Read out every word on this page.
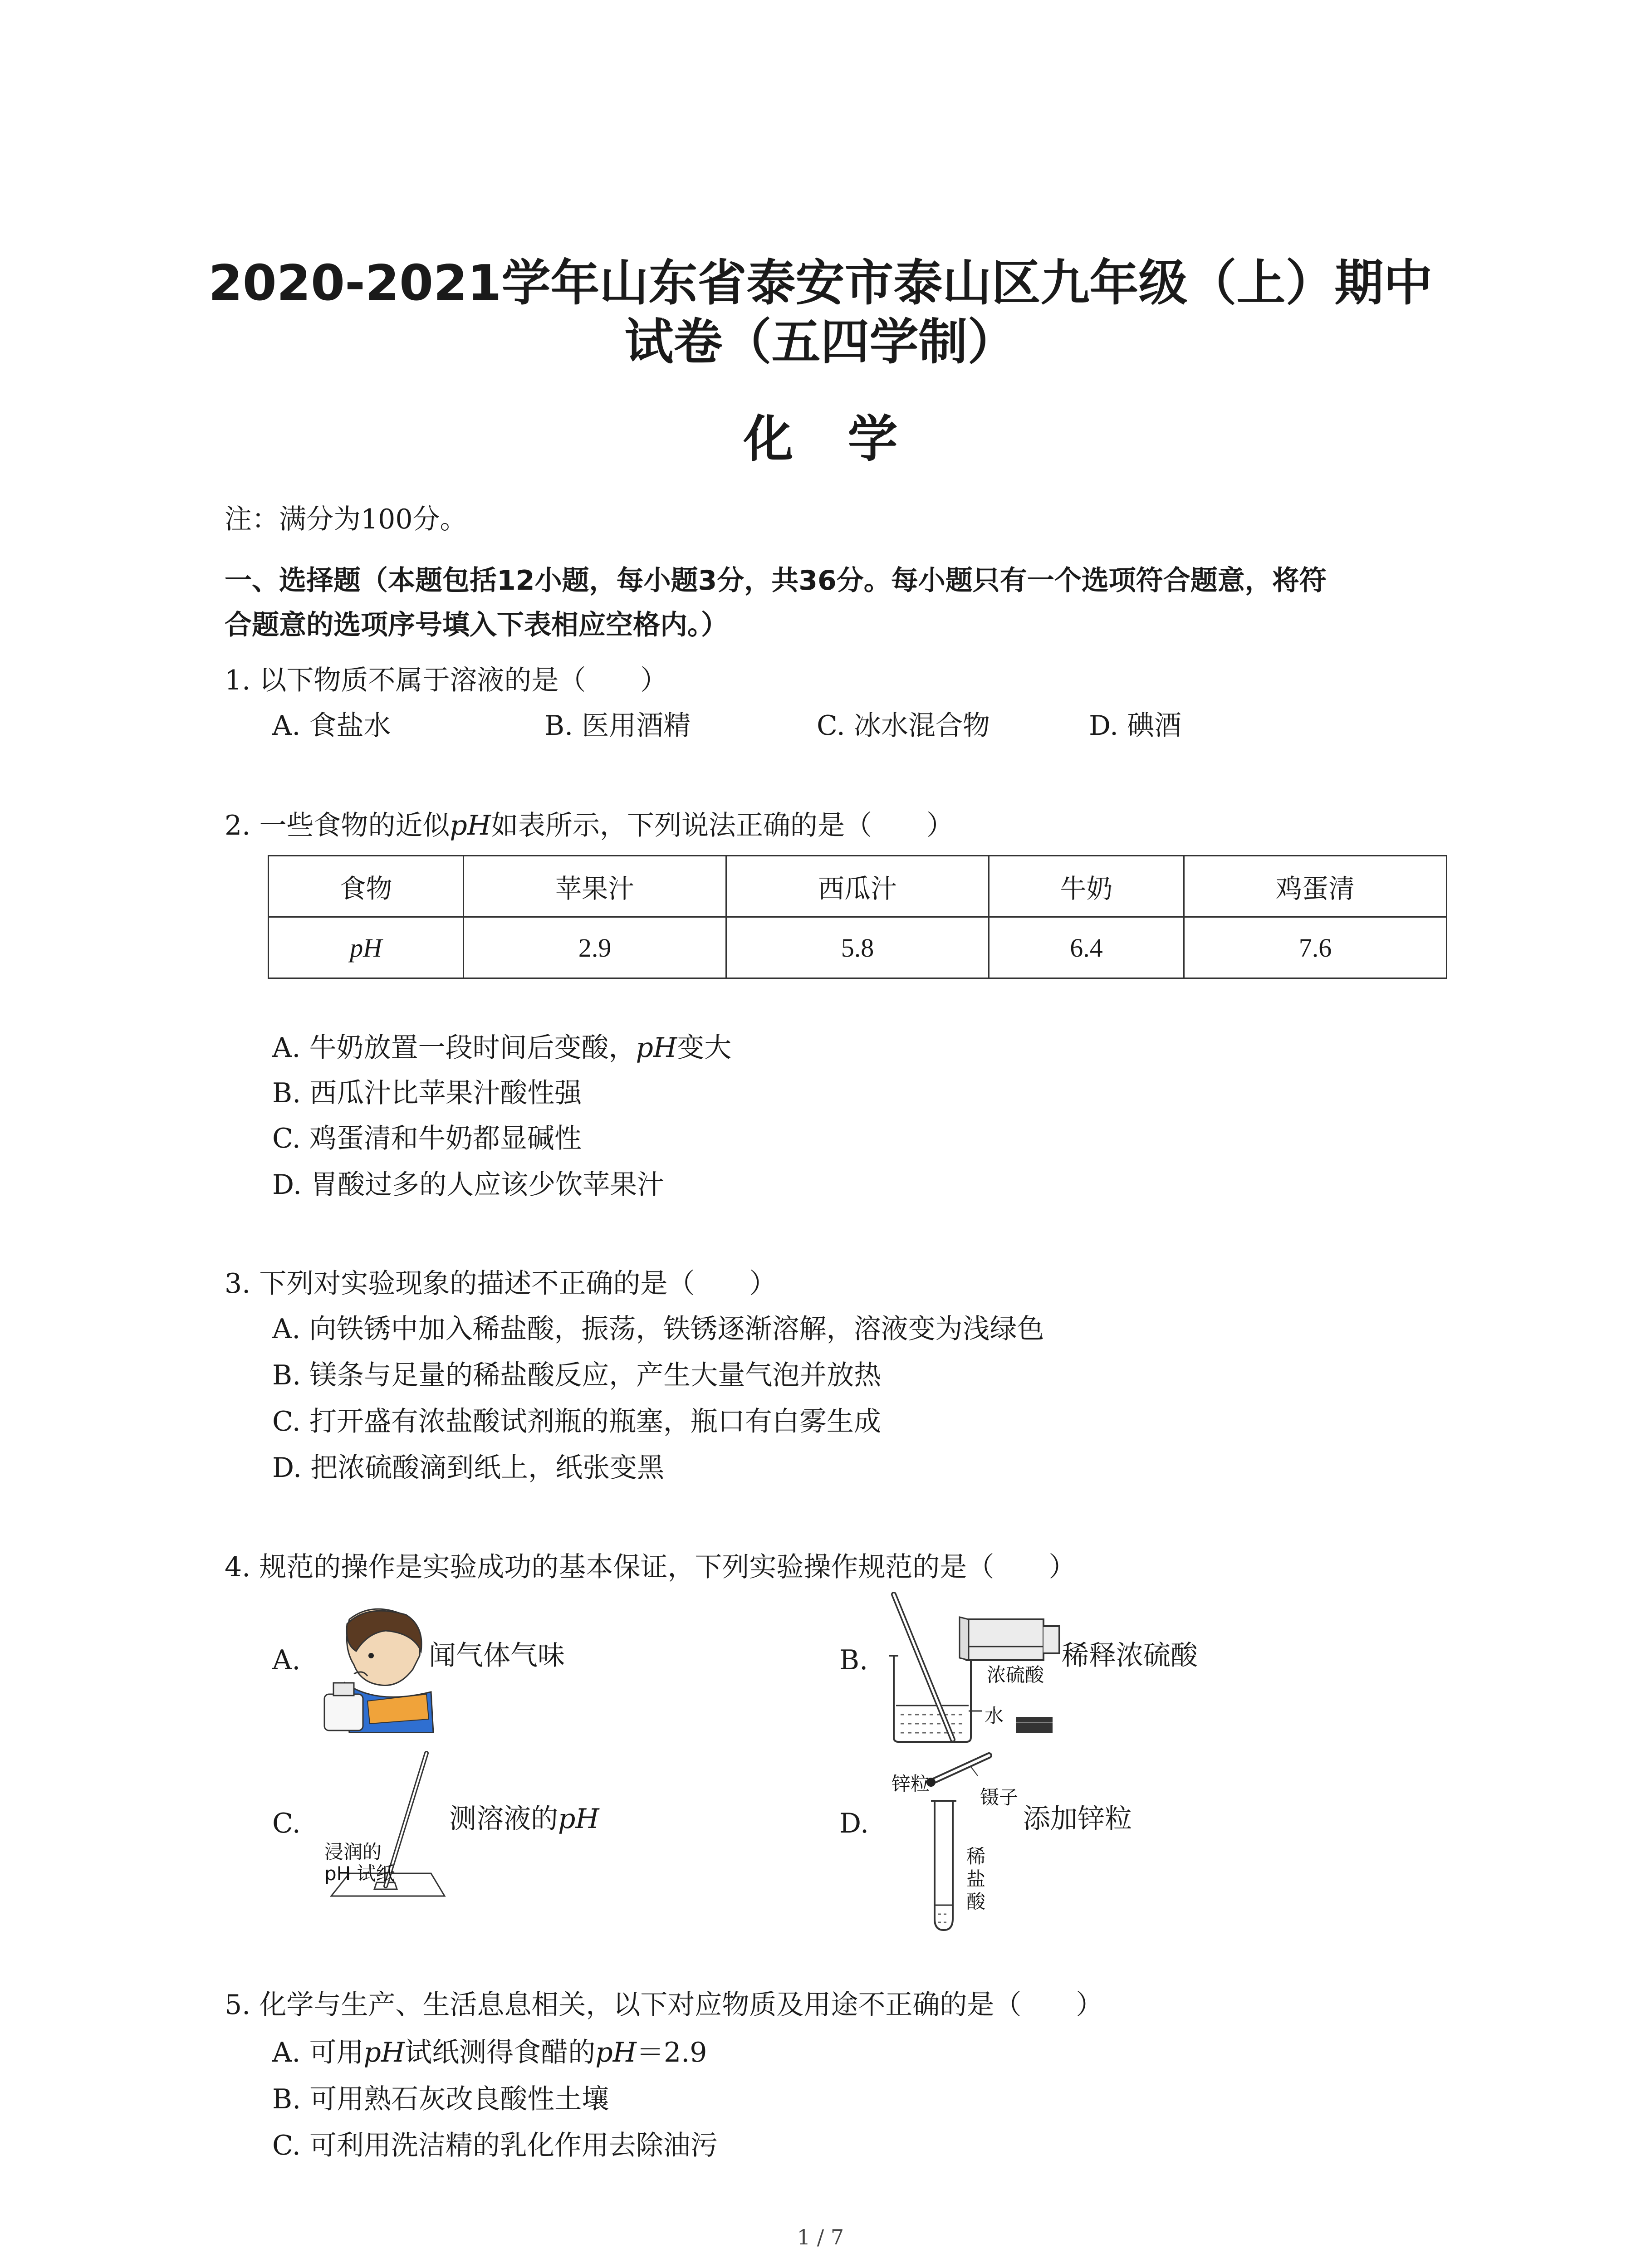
2020-2021学年山东省泰安市泰山区九年级（上）期中
试卷（五四学制）
化学
注：满分为100分。
一、选择题（本题包括12小题，每小题3分，共36分。每小题只有一个选项符合题意，将符
合题意的选项序号填入下表相应空格内。）
1. 以下物质不属于溶液的是（　　）
A. 食盐水	B. 医用酒精	C. 冰水混合物	D. 碘酒
2. 一些食物的近似pH如表所示，下列说法正确的是（　　）
食物	苹果汁	西瓜汁	牛奶	鸡蛋清
pH	2.9	5.8	6.4	7.6
A. 牛奶放置一段时间后变酸，pH变大
B. 西瓜汁比苹果汁酸性强
C. 鸡蛋清和牛奶都显碱性
D. 胃酸过多的人应该少饮苹果汁
3. 下列对实验现象的描述不正确的是（　　）
A. 向铁锈中加入稀盐酸，振荡，铁锈逐渐溶解，溶液变为浅绿色
B. 镁条与足量的稀盐酸反应，产生大量气泡并放热
C. 打开盛有浓盐酸试剂瓶的瓶塞，瓶口有白雾生成
D. 把浓硫酸滴到纸上，纸张变黑
4. 规范的操作是实验成功的基本保证，下列实验操作规范的是（　　）
A.	闻气体气味	B.	浓硫酸
水
稀释浓硫酸
C.
浸润的
pH 试纸
测溶液的pH	D.
锌粒
镊子
稀
盐
酸
添加锌粒
5. 化学与生产、生活息息相关，以下对应物质及用途不正确的是（　　）
A. 可用pH试纸测得食醋的pH＝2.9
B. 可用熟石灰改良酸性土壤
C. 可利用洗洁精的乳化作用去除油污
1 / 7
